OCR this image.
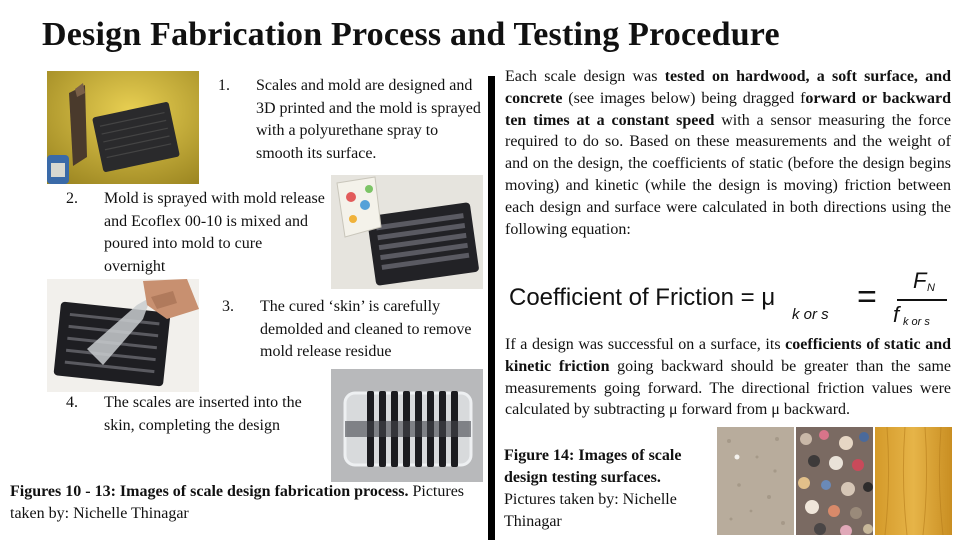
Design Fabrication Process and Testing Procedure
1. Scales and mold are designed and 3D printed and the mold is sprayed with a polyurethane spray to smooth its surface.
2. Mold is sprayed with mold release and Ecoflex 00-10 is mixed and poured into mold to cure overnight
3. The cured ‘skin’ is carefully demolded and cleaned to remove mold release residue
4. The scales are inserted into the skin, completing the design
Figures 10 - 13: Images of scale design fabrication process. Pictures taken by: Nichelle Thinagar
Each scale design was tested on hardwood, a soft surface, and concrete (see images below) being dragged forward or backward ten times at a constant speed with a sensor measuring the force required to do so. Based on these measurements and the weight of and on the design, the coefficients of static (before the design begins moving) and kinetic (while the design is moving) friction between each design and surface were calculated in both directions using the following equation:
Coefficient of Friction = μ
k or s = F N
f k or s
If a design was successful on a surface, its coefficients of static and kinetic friction going backward should be greater than the same measurements going forward. The directional friction values were calculated by subtracting μ forward from μ backward.
Figure 14: Images of scale design testing surfaces.
Pictures taken by: Nichelle Thinagar
